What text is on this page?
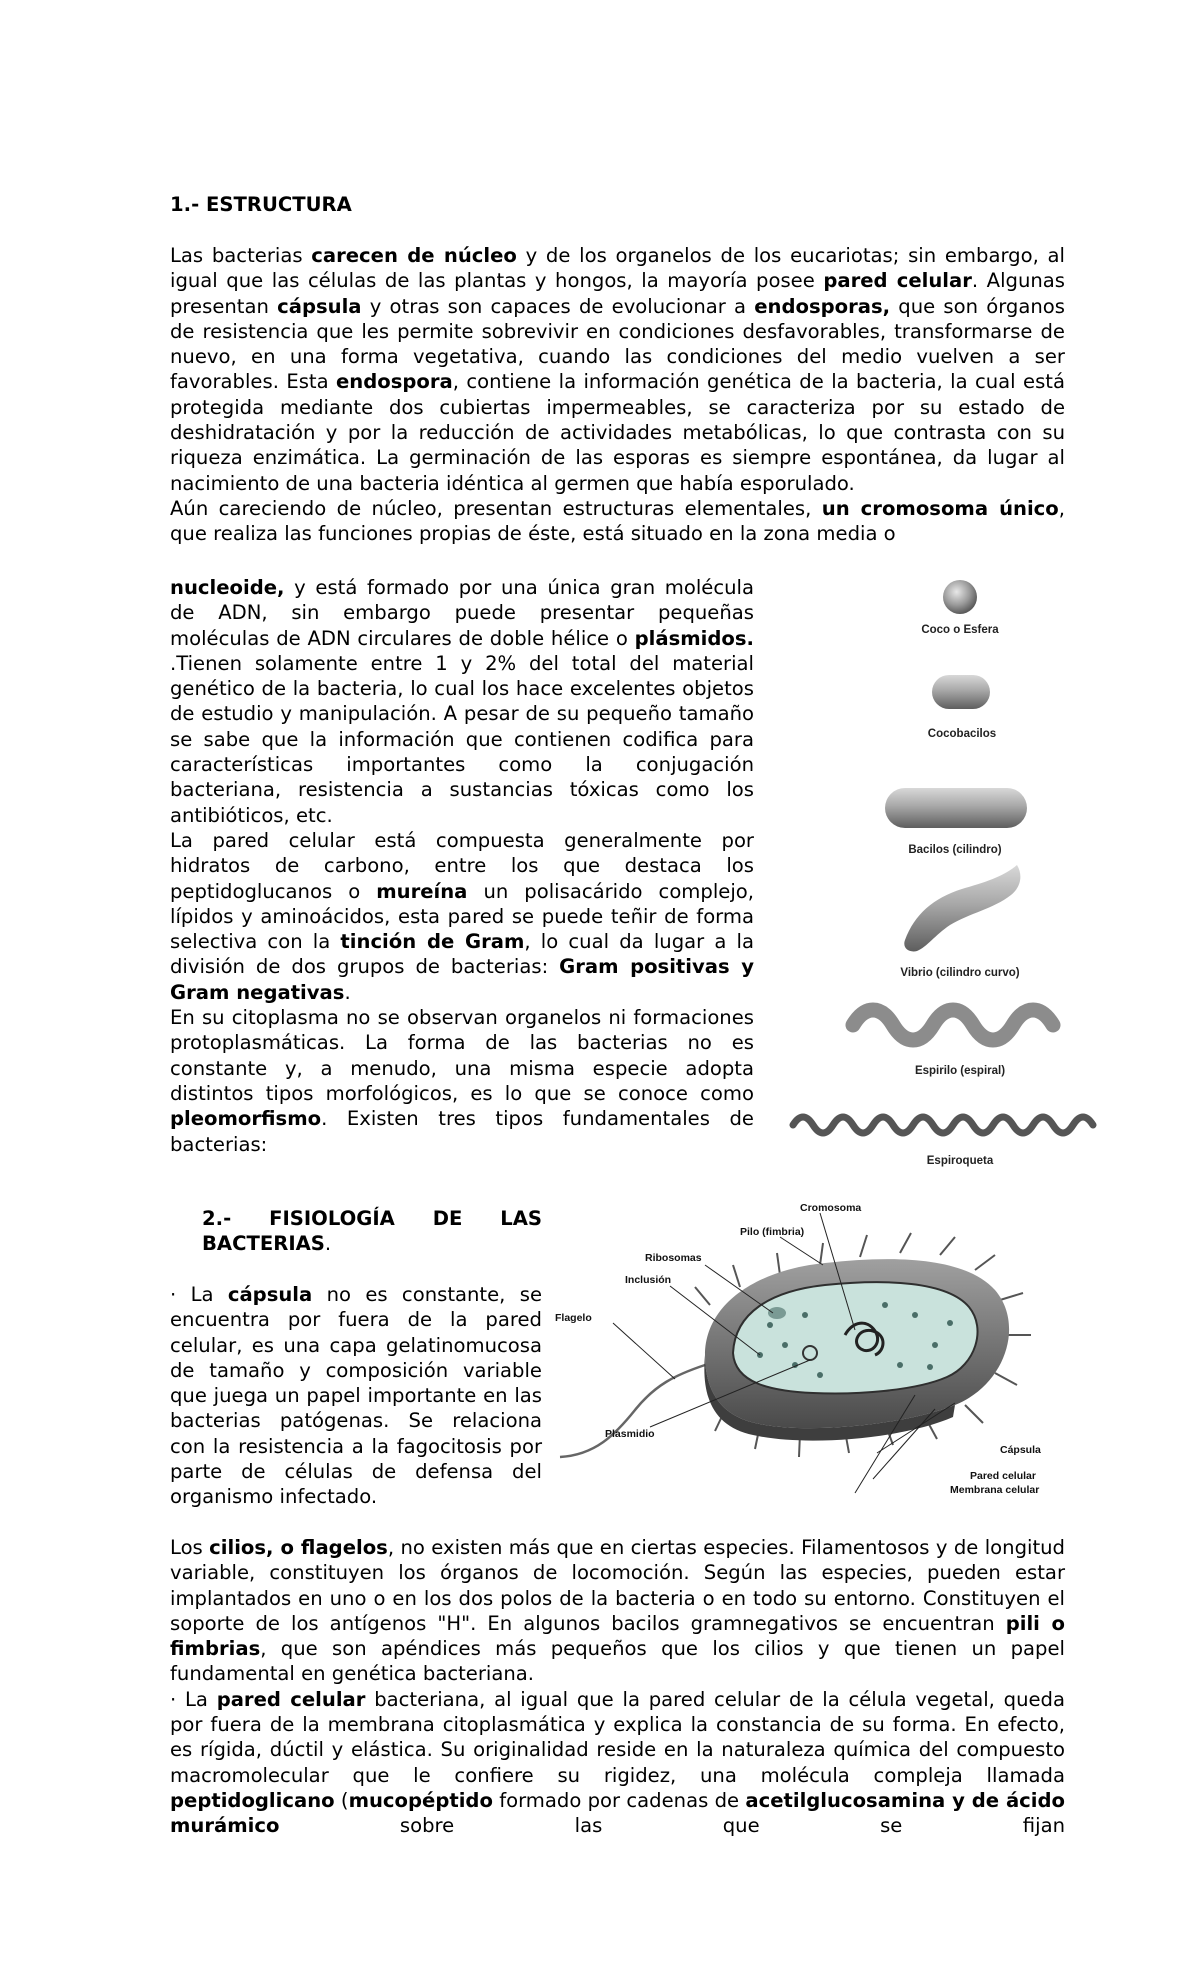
1.- ESTRUCTURA

Las bacterias carecen de núcleo y de los organelos de los eucariotas; sin embargo, al igual que las células de las plantas y hongos, la mayoría posee pared celular. Algunas presentan cápsula y otras son capaces de evolucionar a endosporas, que son órganos de resistencia que les permite sobrevivir en condiciones desfavorables, transformarse de nuevo, en una forma vegetativa, cuando las condiciones del medio vuelven a ser favorables. Esta endospora, contiene la información genética de la bacteria, la cual está protegida mediante dos cubiertas impermeables, se caracteriza por su estado de deshidratación y por la reducción de actividades metabólicas, lo que contrasta con su riqueza enzimática. La germinación de las esporas es siempre espontánea, da lugar al nacimiento de una bacteria idéntica al germen que había esporulado.

Aún careciendo de núcleo, presentan estructuras elementales, un cromosoma único, que realiza las funciones propias de éste, está situado en la zona media o

nucleoide, y está formado por una única gran molécula de ADN, sin embargo puede presentar pequeñas moléculas de ADN circulares de doble hélice o plásmidos. .Tienen solamente entre 1 y 2% del total del material genético de la bacteria, lo cual los hace excelentes objetos de estudio y manipulación. A pesar de su pequeño tamaño se sabe que la información que contienen codifica para características importantes como la conjugación bacteriana, resistencia a sustancias tóxicas como los antibióticos, etc.

La pared celular está compuesta generalmente por hidratos de carbono, entre los que destaca los peptidoglucanos o mureína un polisacárido complejo, lípidos y aminoácidos, esta pared se puede teñir de forma selectiva con la tinción de Gram, lo cual da lugar a la división de dos grupos de bacterias: Gram positivas y Gram negativas.

En su citoplasma no se observan organelos ni formaciones protoplasmáticas. La forma de las bacterias no es constante y, a menudo, una misma especie adopta distintos tipos morfológicos, es lo que se conoce como pleomorfismo. Existen tres tipos fundamentales de bacterias:

Coco o Esfera
Cocobacilos
Bacilos (cilindro)
Vibrio (cilindro curvo)
Espirilo (espiral)
Espiroqueta

2.- FISIOLOGÍA DE LAS BACTERIAS.

· La cápsula no es constante, se encuentra por fuera de la pared celular, es una capa gelatinomucosa de tamaño y composición variable que juega un papel importante en las bacterias patógenas. Se relaciona con la resistencia a la fagocitosis por parte de células de defensa del organismo infectado.

Cromosoma
Pilo (fimbria)
Ribosomas
Inclusión
Flagelo
Plasmidio
Cápsula
Pared celular
Membrana celular

Los cilios, o flagelos, no existen más que en ciertas especies. Filamentosos y de longitud variable, constituyen los órganos de locomoción. Según las especies, pueden estar implantados en uno o en los dos polos de la bacteria o en todo su entorno. Constituyen el soporte de los antígenos "H". En algunos bacilos gramnegativos se encuentran pili o fimbrias, que son apéndices más pequeños que los cilios y que tienen un papel fundamental en genética bacteriana.

· La pared celular bacteriana, al igual que la pared celular de la célula vegetal, queda por fuera de la membrana citoplasmática y explica la constancia de su forma. En efecto, es rígida, dúctil y elástica. Su originalidad reside en la naturaleza química del compuesto macromolecular que le confiere su rigidez, una molécula compleja llamada peptidoglicano (mucopéptido formado por cadenas de acetilglucosamina y de ácido murámico sobre las que se fijan
